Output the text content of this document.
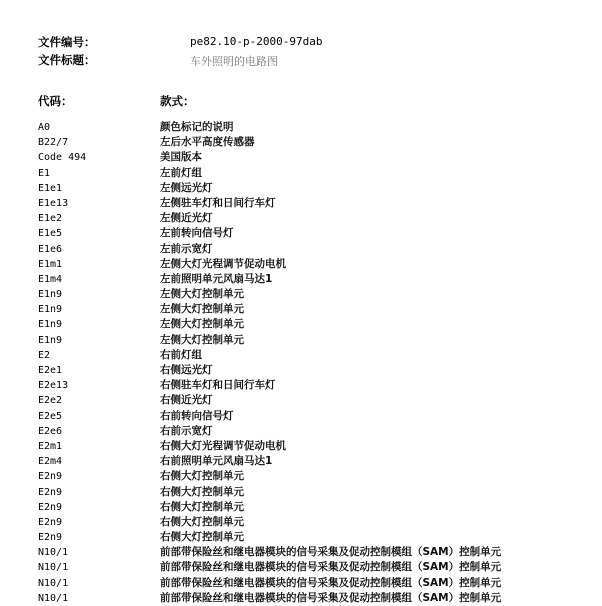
文件编号：	pe82.10-p-2000-97dab
文件标题：	车外照明的电路图
代码：	款式：
A0	颜色标记的说明
B22/7	左后水平高度传感器
Code 494	美国版本
E1	左前灯组
E1e1	左侧远光灯
E1e13	左侧驻车灯和日间行车灯
E1e2	左侧近光灯
E1e5	左前转向信号灯
E1e6	左前示宽灯
E1m1	左侧大灯光程调节促动电机
E1m4	左前照明单元风扇马达1
E1n9	左侧大灯控制单元
E1n9	左侧大灯控制单元
E1n9	左侧大灯控制单元
E1n9	左侧大灯控制单元
E2	右前灯组
E2e1	右侧远光灯
E2e13	右侧驻车灯和日间行车灯
E2e2	右侧近光灯
E2e5	右前转向信号灯
E2e6	右前示宽灯
E2m1	右侧大灯光程调节促动电机
E2m4	右前照明单元风扇马达1
E2n9	右侧大灯控制单元
E2n9	右侧大灯控制单元
E2n9	右侧大灯控制单元
E2n9	右侧大灯控制单元
E2n9	右侧大灯控制单元
N10/1	前部带保险丝和继电器模块的信号采集及促动控制模组（SAM）控制单元
N10/1	前部带保险丝和继电器模块的信号采集及促动控制模组（SAM）控制单元
N10/1	前部带保险丝和继电器模块的信号采集及促动控制模组（SAM）控制单元
N10/1	前部带保险丝和继电器模块的信号采集及促动控制模组（SAM）控制单元
